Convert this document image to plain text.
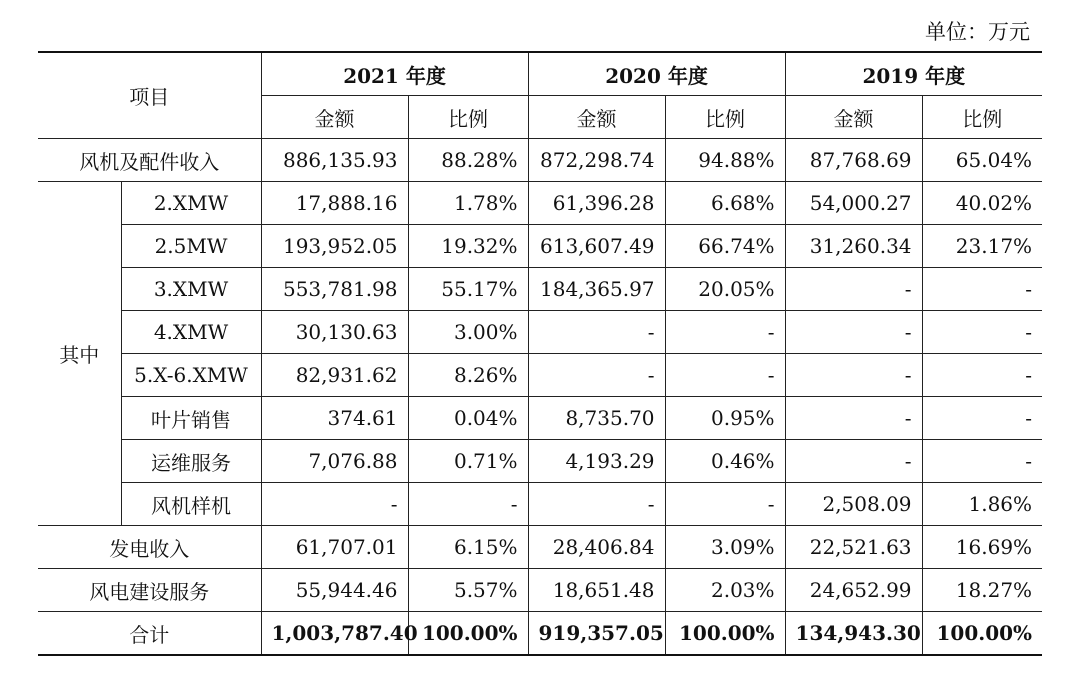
单位：万元
项目		2021 年度		2020 年度		2019 年度	
		金额	比例	金额	比例	金额	比例
风机及配件收入		886,135.93	88.28%	872,298.74	94.88%	87,768.69	65.04%
其中	2.XMW	17,888.16	1.78%	61,396.28	6.68%	54,000.27	40.02%
	2.5MW	193,952.05	19.32%	613,607.49	66.74%	31,260.34	23.17%
	3.XMW	553,781.98	55.17%	184,365.97	20.05%	-	-
	4.XMW	30,130.63	3.00%	-	-	-	-
	5.X-6.XMW	82,931.62	8.26%	-	-	-	-
	叶片销售	374.61	0.04%	8,735.70	0.95%	-	-
	运维服务	7,076.88	0.71%	4,193.29	0.46%	-	-
	风机样机	-	-	-	-	2,508.09	1.86%
发电收入		61,707.01	6.15%	28,406.84	3.09%	22,521.63	16.69%
风电建设服务		55,944.46	5.57%	18,651.48	2.03%	24,652.99	18.27%
合计		1,003,787.40	100.00%	919,357.05	100.00%	134,943.30	100.00%
